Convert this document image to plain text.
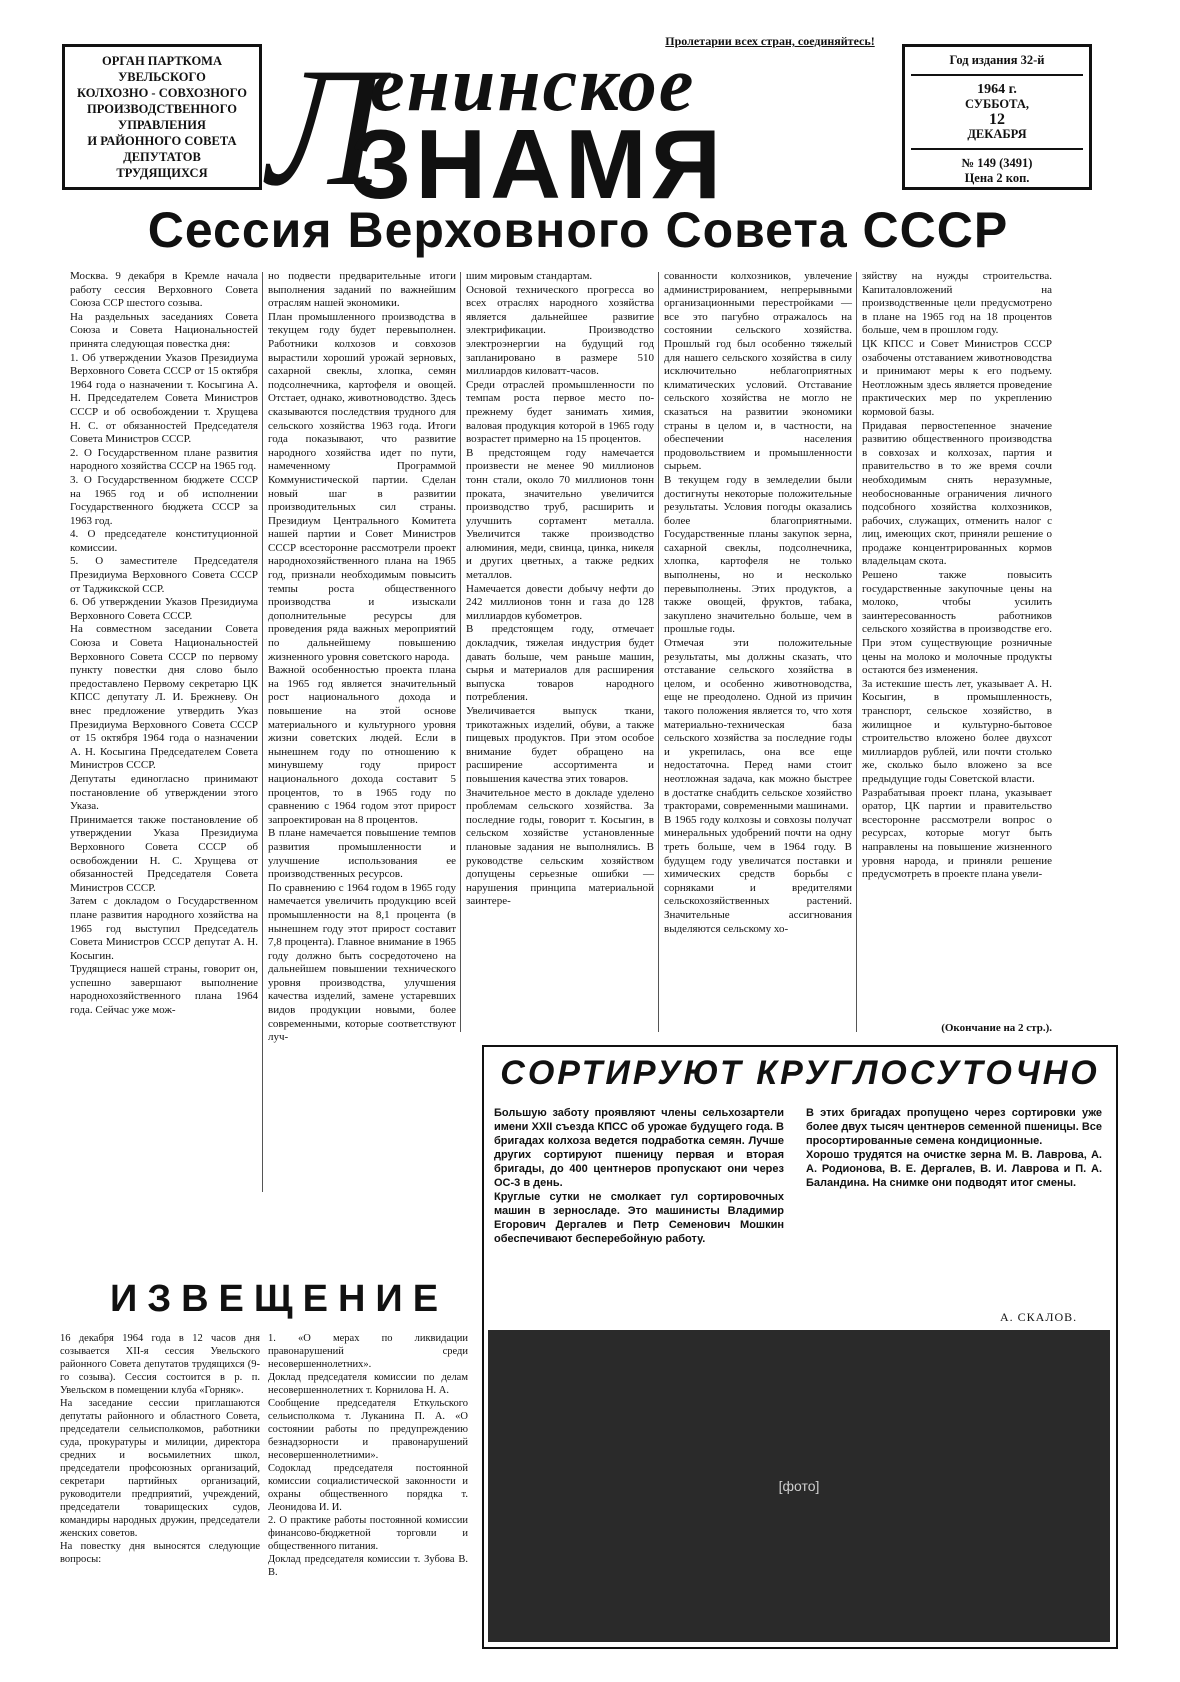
ОРГАН ПАРТКОМА
УВЕЛЬСКОГО
КОЛХОЗНО - СОВХОЗНОГО
ПРОИЗВОДСТВЕННОГО
УПРАВЛЕНИЯ
И РАЙОННОГО СОВЕТА
ДЕПУТАТОВ
ТРУДЯЩИХСЯ
Пролетарии всех стран, соединяйтесь!
Л
енинское
ЗНАМЯ
Год издания 32-й
1964 г.
СУББОТА,
12
ДЕКАБРЯ
№ 149 (3491)
Цена 2 коп.
Сессия Верховного Совета СССР
Москва. 9 декабря в Кремле начала работу сессия Верховного Совета Союза ССР шестого созыва.
На раздельных заседаниях Совета Союза и Совета Национальностей принята следующая повестка дня:
1. Об утверждении Указов Президиума Верховного Совета СССР от 15 октября 1964 года о назначении т. Косыгина А. Н. Председателем Совета Министров СССР и об освобождении т. Хрущева Н. С. от обязанностей Председателя Совета Министров СССР.
2. О Государственном плане развития народного хозяйства СССР на 1965 год.
3. О Государственном бюджете СССР на 1965 год и об исполнении Государственного бюджета СССР за 1963 год.
4. О председателе конституционной комиссии.
5. О заместителе Председателя Президиума Верховного Совета СССР от Таджикской ССР.
6. Об утверждении Указов Президиума Верховного Совета СССР.
На совместном заседании Совета Союза и Совета Национальностей Верховного Совета СССР по первому пункту повестки дня слово было предоставлено Первому секретарю ЦК КПСС депутату Л. И. Брежневу. Он внес предложение утвердить Указ Президиума Верховного Совета СССР от 15 октября 1964 года о назначении А. Н. Косыгина Председателем Совета Министров СССР.
Депутаты единогласно принимают постановление об утверждении этого Указа.
Принимается также постановление об утверждении Указа Президиума Верховного Совета СССР об освобождении Н. С. Хрущева от обязанностей Председателя Совета Министров СССР.
Затем с докладом о Государственном плане развития народного хозяйства на 1965 год выступил Председатель Совета Министров СССР депутат А. Н. Косыгин.
Трудящиеся нашей страны, говорит он, успешно завершают выполнение народнохозяйственного плана 1964 года. Сейчас уже мож-
но подвести предварительные итоги выполнения заданий по важнейшим отраслям нашей экономики.
План промышленного производства в текущем году будет перевыполнен. Работники колхозов и совхозов вырастили хороший урожай зерновых, сахарной свеклы, хлопка, семян подсолнечника, картофеля и овощей. Отстает, однако, животноводство. Здесь сказываются последствия трудного для сельского хозяйства 1963 года. Итоги года показывают, что развитие народного хозяйства идет по пути, намеченному Программой Коммунистической партии. Сделан новый шаг в развитии производительных сил страны. Президиум Центрального Комитета нашей партии и Совет Министров СССР всесторонне рассмотрели проект народнохозяйственного плана на 1965 год, признали необходимым повысить темпы роста общественного производства и изыскали дополнительные ресурсы для проведения ряда важных мероприятий по дальнейшему повышению жизненного уровня советского народа.
Важной особенностью проекта плана на 1965 год является значительный рост национального дохода и повышение на этой основе материального и культурного уровня жизни советских людей. Если в нынешнем году по отношению к минувшему году прирост национального дохода составит 5 процентов, то в 1965 году по сравнению с 1964 годом этот прирост запроектирован на 8 процентов.
В плане намечается повышение темпов развития промышленности и улучшение использования ее производственных ресурсов.
По сравнению с 1964 годом в 1965 году намечается увеличить продукцию всей промышленности на 8,1 процента (в нынешнем году этот прирост составит 7,8 процента). Главное внимание в 1965 году должно быть сосредоточено на дальнейшем повышении технического уровня производства, улучшения качества изделий, замене устаревших видов продукции новыми, более современными, которые соответствуют луч-
шим мировым стандартам.
Основой технического прогресса во всех отраслях народного хозяйства является дальнейшее развитие электрификации. Производство электроэнергии на будущий год запланировано в размере 510 миллиардов киловатт-часов.
Среди отраслей промышленности по темпам роста первое место по-прежнему будет занимать химия, валовая продукция которой в 1965 году возрастет примерно на 15 процентов.
В предстоящем году намечается произвести не менее 90 миллионов тонн стали, около 70 миллионов тонн проката, значительно увеличится производство труб, расширить и улучшить сортамент металла. Увеличится также производство алюминия, меди, свинца, цинка, никеля и других цветных, а также редких металлов.
Намечается довести добычу нефти до 242 миллионов тонн и газа до 128 миллиардов кубометров.
В предстоящем году, отмечает докладчик, тяжелая индустрия будет давать больше, чем раньше машин, сырья и материалов для расширения выпуска товаров народного потребления.
Увеличивается выпуск ткани, трикотажных изделий, обуви, а также пищевых продуктов. При этом особое внимание будет обращено на расширение ассортимента и повышения качества этих товаров.
Значительное место в докладе уделено проблемам сельского хозяйства. За последние годы, говорит т. Косыгин, в сельском хозяйстве установленные плановые задания не выполнялись. В руководстве сельским хозяйством допущены серьезные ошибки — нарушения принципа материальной заинтере-
сованности колхозников, увлечение администрированием, непрерывными организационными перестройками — все это пагубно отражалось на состоянии сельского хозяйства. Прошлый год был особенно тяжелый для нашего сельского хозяйства в силу исключительно неблагоприятных климатических условий. Отставание сельского хозяйства не могло не сказаться на развитии экономики страны в целом и, в частности, на обеспечении населения продовольствием и промышленности сырьем.
В текущем году в земледелии были достигнуты некоторые положительные результаты. Условия погоды оказались более благоприятными. Государственные планы закупок зерна, сахарной свеклы, подсолнечника, хлопка, картофеля не только выполнены, но и несколько перевыполнены. Этих продуктов, а также овощей, фруктов, табака, закуплено значительно больше, чем в прошлые годы.
Отмечая эти положительные результаты, мы должны сказать, что отставание сельского хозяйства в целом, и особенно животноводства, еще не преодолено. Одной из причин такого положения является то, что хотя материально-техническая база сельского хозяйства за последние годы и укрепилась, она все еще недостаточна. Перед нами стоит неотложная задача, как можно быстрее в достатке снабдить сельское хозяйство тракторами, современными машинами.
В 1965 году колхозы и совхозы получат минеральных удобрений почти на одну треть больше, чем в 1964 году. В будущем году увеличатся поставки и химических средств борьбы с сорняками и вредителями сельскохозяйственных растений. Значительные ассигнования выделяются сельскому хо-
зяйству на нужды строительства. Капиталовложений на производственные цели предусмотрено в плане на 1965 год на 18 процентов больше, чем в прошлом году.
ЦК КПСС и Совет Министров СССР озабочены отставанием животноводства и принимают меры к его подъему. Неотложным здесь является проведение практических мер по укреплению кормовой базы.
Придавая первостепенное значение развитию общественного производства в совхозах и колхозах, партия и правительство в то же время сочли необходимым снять неразумные, необоснованные ограничения личного подсобного хозяйства колхозников, рабочих, служащих, отменить налог с лиц, имеющих скот, приняли решение о продаже концентрированных кормов владельцам скота.
Решено также повысить государственные закупочные цены на молоко, чтобы усилить заинтересованность работников сельского хозяйства в производстве его. При этом существующие розничные цены на молоко и молочные продукты остаются без изменения.
За истекшие шесть лет, указывает А. Н. Косыгин, в промышленность, транспорт, сельское хозяйство, в жилищное и культурно-бытовое строительство вложено более двухсот миллиардов рублей, или почти столько же, сколько было вложено за все предыдущие годы Советской власти.
Разрабатывая проект плана, указывает оратор, ЦК партии и правительство всесторонне рассмотрели вопрос о ресурсах, которые могут быть направлены на повышение жизненного уровня народа, и приняли решение предусмотреть в проекте плана увели-
(Окончание на 2 стр.).
СОРТИРУЮТ КРУГЛОСУТОЧНО
Большую заботу проявляют члены сельхозартели имени XXII съезда КПСС об урожае будущего года. В бригадах колхоза ведется подработка семян. Лучше других сортируют пшеницу первая и вторая бригады, до 400 центнеров пропускают они через ОС-3 в день.
Круглые сутки не смолкает гул сортировочных машин в зерносладе. Это машинисты Владимир Егорович Дергалев и Петр Семенович Мошкин обеспечивают бесперебойную работу.
В этих бригадах пропущено через сортировки уже более двух тысяч центнеров семенной пшеницы. Все просортированные семена кондиционные.
Хорошо трудятся на очистке зерна М. В. Лаврова, А. А. Родионова, В. Е. Дергалев, В. И. Лаврова и П. А. Баландина. На снимке они подводят итог смены.
А. СКАЛОВ.
[фото]
ИЗВЕЩЕНИЕ
16 декабря 1964 года в 12 часов дня созывается XII-я сессия Увельского районного Совета депутатов трудящихся (9-го созыва). Сессия состоится в р. п. Увельском в помещении клуба «Горняк».
На заседание сессии приглашаются депутаты районного и областного Совета, председатели сельисполкомов, работники суда, прокуратуры и милиции, директора средних и восьмилетних школ, председатели профсоюзных организаций, секретари партийных организаций, руководители предприятий, учреждений, председатели товарищеских судов, командиры народных дружин, председатели женских советов.
На повестку дня выносятся следующие вопросы:
1. «О мерах по ликвидации правонарушений среди несовершеннолетних».
Доклад председателя комиссии по делам несовершеннолетних т. Корниловa Н. А.
Сообщение председателя Еткульского сельисполкома т. Луканина П. А. «О состоянии работы по предупреждению безнадзорности и правонарушений несовершеннолетними».
Содоклад председателя постоянной комиссии социалистической законности и охраны общественного порядка т. Леонидова И. И.
2. О практике работы постоянной комиссии финансово-бюджетной торговли и общественного питания.
Доклад председателя комиссии т. Зубова В. В.
